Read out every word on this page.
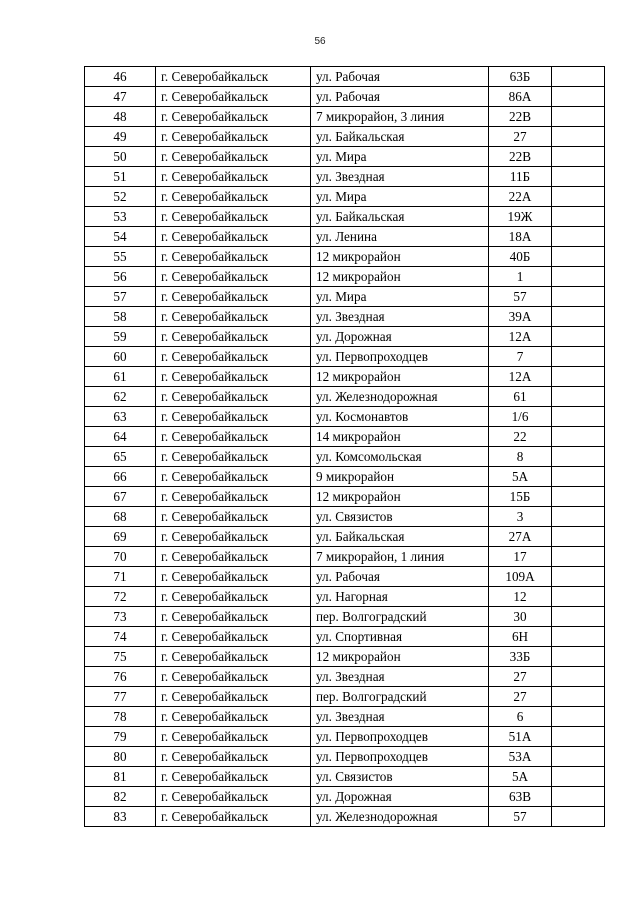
56
46	г. Северобайкальск	ул. Рабочая	63Б	
47	г. Северобайкальск	ул. Рабочая	86А	
48	г. Северобайкальск	7 микрорайон, 3 линия	22В	
49	г. Северобайкальск	ул. Байкальская	27	
50	г. Северобайкальск	ул. Мира	22В	
51	г. Северобайкальск	ул. Звездная	11Б	
52	г. Северобайкальск	ул. Мира	22А	
53	г. Северобайкальск	ул. Байкальская	19Ж	
54	г. Северобайкальск	ул. Ленина	18А	
55	г. Северобайкальск	12 микрорайон	40Б	
56	г. Северобайкальск	12 микрорайон	1	
57	г. Северобайкальск	ул. Мира	57	
58	г. Северобайкальск	ул. Звездная	39А	
59	г. Северобайкальск	ул. Дорожная	12А	
60	г. Северобайкальск	ул. Первопроходцев	7	
61	г. Северобайкальск	12 микрорайон	12А	
62	г. Северобайкальск	ул. Железнодорожная	61	
63	г. Северобайкальск	ул. Космонавтов	1/6	
64	г. Северобайкальск	14 микрорайон	22	
65	г. Северобайкальск	ул. Комсомольская	8	
66	г. Северобайкальск	9 микрорайон	5А	
67	г. Северобайкальск	12 микрорайон	15Б	
68	г. Северобайкальск	ул. Связистов	3	
69	г. Северобайкальск	ул. Байкальская	27А	
70	г. Северобайкальск	7 микрорайон, 1 линия	17	
71	г. Северобайкальск	ул. Рабочая	109А	
72	г. Северобайкальск	ул. Нагорная	12	
73	г. Северобайкальск	пер. Волгоградский	30	
74	г. Северобайкальск	ул. Спортивная	6Н	
75	г. Северобайкальск	12 микрорайон	33Б	
76	г. Северобайкальск	ул. Звездная	27	
77	г. Северобайкальск	пер. Волгоградский	27	
78	г. Северобайкальск	ул. Звездная	6	
79	г. Северобайкальск	ул. Первопроходцев	51А	
80	г. Северобайкальск	ул. Первопроходцев	53А	
81	г. Северобайкальск	ул. Связистов	5А	
82	г. Северобайкальск	ул. Дорожная	63В	
83	г. Северобайкальск	ул. Железнодорожная	57	
